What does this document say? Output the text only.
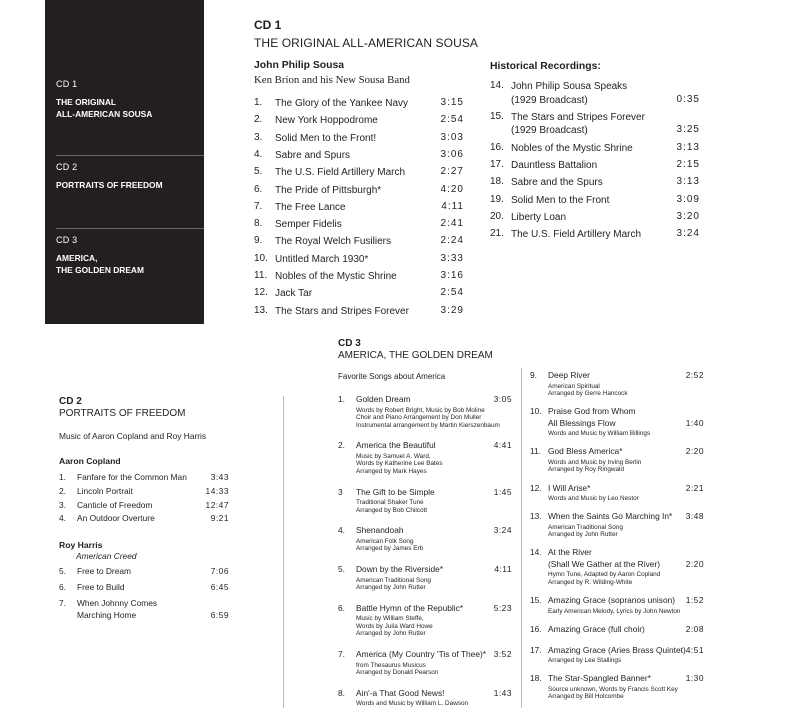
CD 1
THE ORIGINAL
ALL-AMERICAN SOUSA
CD 2
PORTRAITS OF FREEDOM
CD 3
AMERICA,
THE GOLDEN DREAM
CD 1
THE ORIGINAL ALL-AMERICAN SOUSA
John Philip Sousa
Ken Brion and his New Sousa Band
1. The Glory of the Yankee Navy	3:15
2. New York Hoppodrome	2:54
3. Solid Men to the Front!	3:03
4. Sabre and Spurs	3:06
5. The U.S. Field Artillery March	2:27
6. The Pride of Pittsburgh*	4:20
7. The Free Lance	4:11
8. Semper Fidelis	2:41
9. The Royal Welch Fusiliers	2:24
10. Untitled March 1930*	3:33
11. Nobles of the Mystic Shrine	3:16
12. Jack Tar	2:54
13. The Stars and Stripes Forever	3:29
Historical Recordings:
14. John Philip Sousa Speaks
(1929 Broadcast)	0:35
15. The Stars and Stripes Forever
(1929 Broadcast)	3:25
16. Nobles of the Mystic Shrine	3:13
17. Dauntless Battalion	2:15
18. Sabre and the Spurs	3:13
19. Solid Men to the Front	3:09
20. Liberty Loan	3:20
21. The U.S. Field Artillery March	3:24
CD 2
PORTRAITS OF FREEDOM
Music of Aaron Copland and Roy Harris
Aaron Copland
1. Fanfare for the Common Man	3:43
2. Lincoln Portrait	14:33
3. Canticle of Freedom	12:47
4. An Outdoor Overture	9:21
Roy Harris
American Creed
5. Free to Dream	7:06
6. Free to Build	6:45
7. When Johnny Comes
Marching Home	6:59
CD 3
AMERICA, THE GOLDEN DREAM
Favorite Songs about America
1. Golden Dream	3:05
Words by Robert Bright, Music by Bob Moline
Choir and Piano Arrangement by Don Muller
Instrumental arrangement by Martin Kierszenbaum
2. America the Beautiful	4:41
Music by Samuel A. Ward,
Words by Katherine Lee Bates
Arranged by Mark Hayes
3 The Gift to be Simple	1:45
Traditional Shaker Tune
Arranged by Bob Chilcott
4. Shenandoah	3:24
American Folk Song
Arranged by James Erb
5. Down by the Riverside*	4:11
American Traditional Song
Arranged by John Rutter
6. Battle Hymn of the Republic*	5:23
Music by William Steffe,
Words by Julia Ward Howe
Arranged by John Rutter
7. America (My Country 'Tis of Thee)* 3:52
from Thesaurus Musicus
Arranged by Donald Pearson
8. Ain'-a That Good News!	1:43
Words and Music by William L. Dawson
9. Deep River	2:52
American Spiritual
Arranged by Gerre Hancock
10. Praise God from Whom
All Blessings Flow	1:40
Words and Music by William Billings
11. God Bless America*	2:20
Words and Music by Irving Berlin
Arranged by Roy Ringwald
12. I Will Arise*	2:21
Words and Music by Leo Nestor
13. When the Saints Go Marching In* 3:48
American Traditional Song
Arranged by John Rutter
14. At the River
(Shall We Gather at the River)	2:20
Hymn Tune, Adapted by Aaron Copland
Arranged by R. Wilding-White
15. Amazing Grace (sopranos unison) 1:52
Early American Melody, Lyrics by John Newton
16. Amazing Grace (full choir)	2:08
17. Amazing Grace (Aries Brass Quintet) 4:51
Arranged by Lee Stallings
18. The Star-Spangled Banner*	1:30
Source unknown, Words by Francis Scott Key
Arranged by Bill Holcombe
